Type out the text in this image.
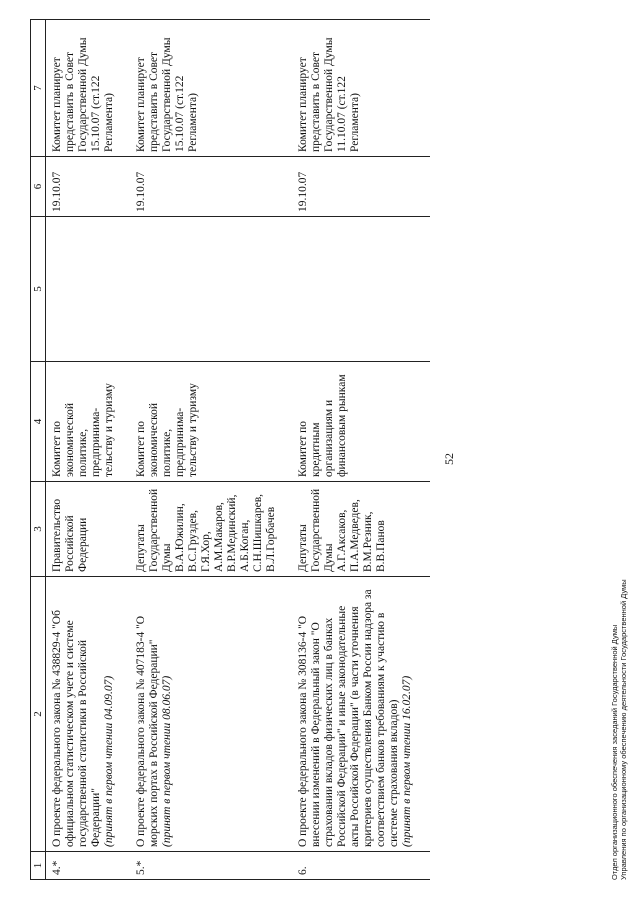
52
1	2	3	4	5	6	7
4.*	О проекте федерального закона № 438829-4 "Об официальном статистическом учете и системе государственной статистики в Российской Федерации" (принят в первом чтении 04.09.07)	Правительство Российской Федерации	Комитет по экономической политике, предпринима-тельству и туризму		19.10.07	Комитет планирует представить в Совет Государственной Думы 15.10.07 (ст.122 Регламента)
5.*	О проекте федерального закона № 407183-4 "О морских портах в Российской Федерации" (принят в первом чтении 08.06.07)	Депутаты Государственной Думы В.А.Южилин, В.С.Груздев, Г.Я.Хор, А.М.Макаров, В.Р.Мединский, А.Б.Коган, С.Н.Шишкарев, В.Л.Горбачев	Комитет по экономической политике, предпринима-тельству и туризму		19.10.07	Комитет планирует представить в Совет Государственной Думы 15.10.07 (ст.122 Регламента)
6.	О проекте федерального закона № 308136-4 "О внесении изменений в Федеральный закон "О страховании вкладов физических лиц в банках Российской Федерации" и иные законодательные акты Российской Федерации" (в части уточнения критериев осуществления Банком России надзора за соответствием банков требованиям к участию в системе страхования вкладов) (принят в первом чтении 16.02.07)	Депутаты Государственной Думы А.Г.Аксаков, П.А.Медведев, В.М.Резник, В.В.Панов	Комитет по кредитным организациям и финансовым рынкам		19.10.07	Комитет планирует представить в Совет Государственной Думы 11.10.07 (ст.122 Регламента)
Отдел организационного обеспечения заседаний Государственной Думы Управления по организационному обеспечению деятельности Государственной Думы
